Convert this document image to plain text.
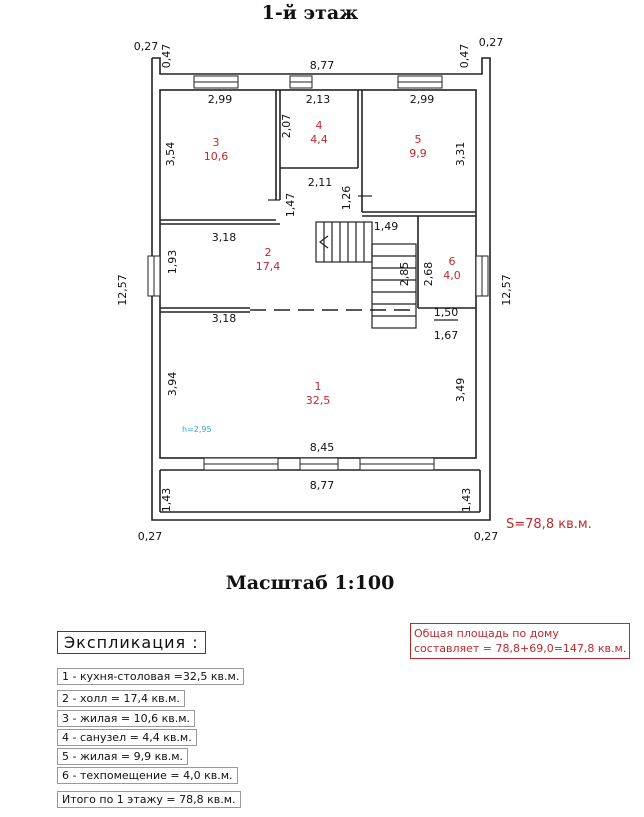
1-й этаж
8,77
0,27	0,27
0,47	0,47
2,99	2,13	2,99
3,54
2,07
3,31
2,11
1,47	1,26
3,18
1,49
1,93	2,85 2,68
12,57	12,57
3,18	1,50
1,67
3,94	3,49
8,45
8,77
1,43	1,43
0,27	0,27
h=2,95
3
10,6
4
4,4	5
9,9
2
17,4	6
4,0
1
32,5
S=78,8 кв.м.
Масштаб 1:100
Экспликация :
1 - кухня-столовая =32,5 кв.м.
2 - холл = 17,4 кв.м.
3 - жилая = 10,6 кв.м.
4 - санузел = 4,4 кв.м.
5 - жилая = 9,9 кв.м.
6 - техпомещение = 4,0 кв.м.
Итого по 1 этажу = 78,8 кв.м.
Общая площадь по дому
составляет = 78,8+69,0=147,8 кв.м.
